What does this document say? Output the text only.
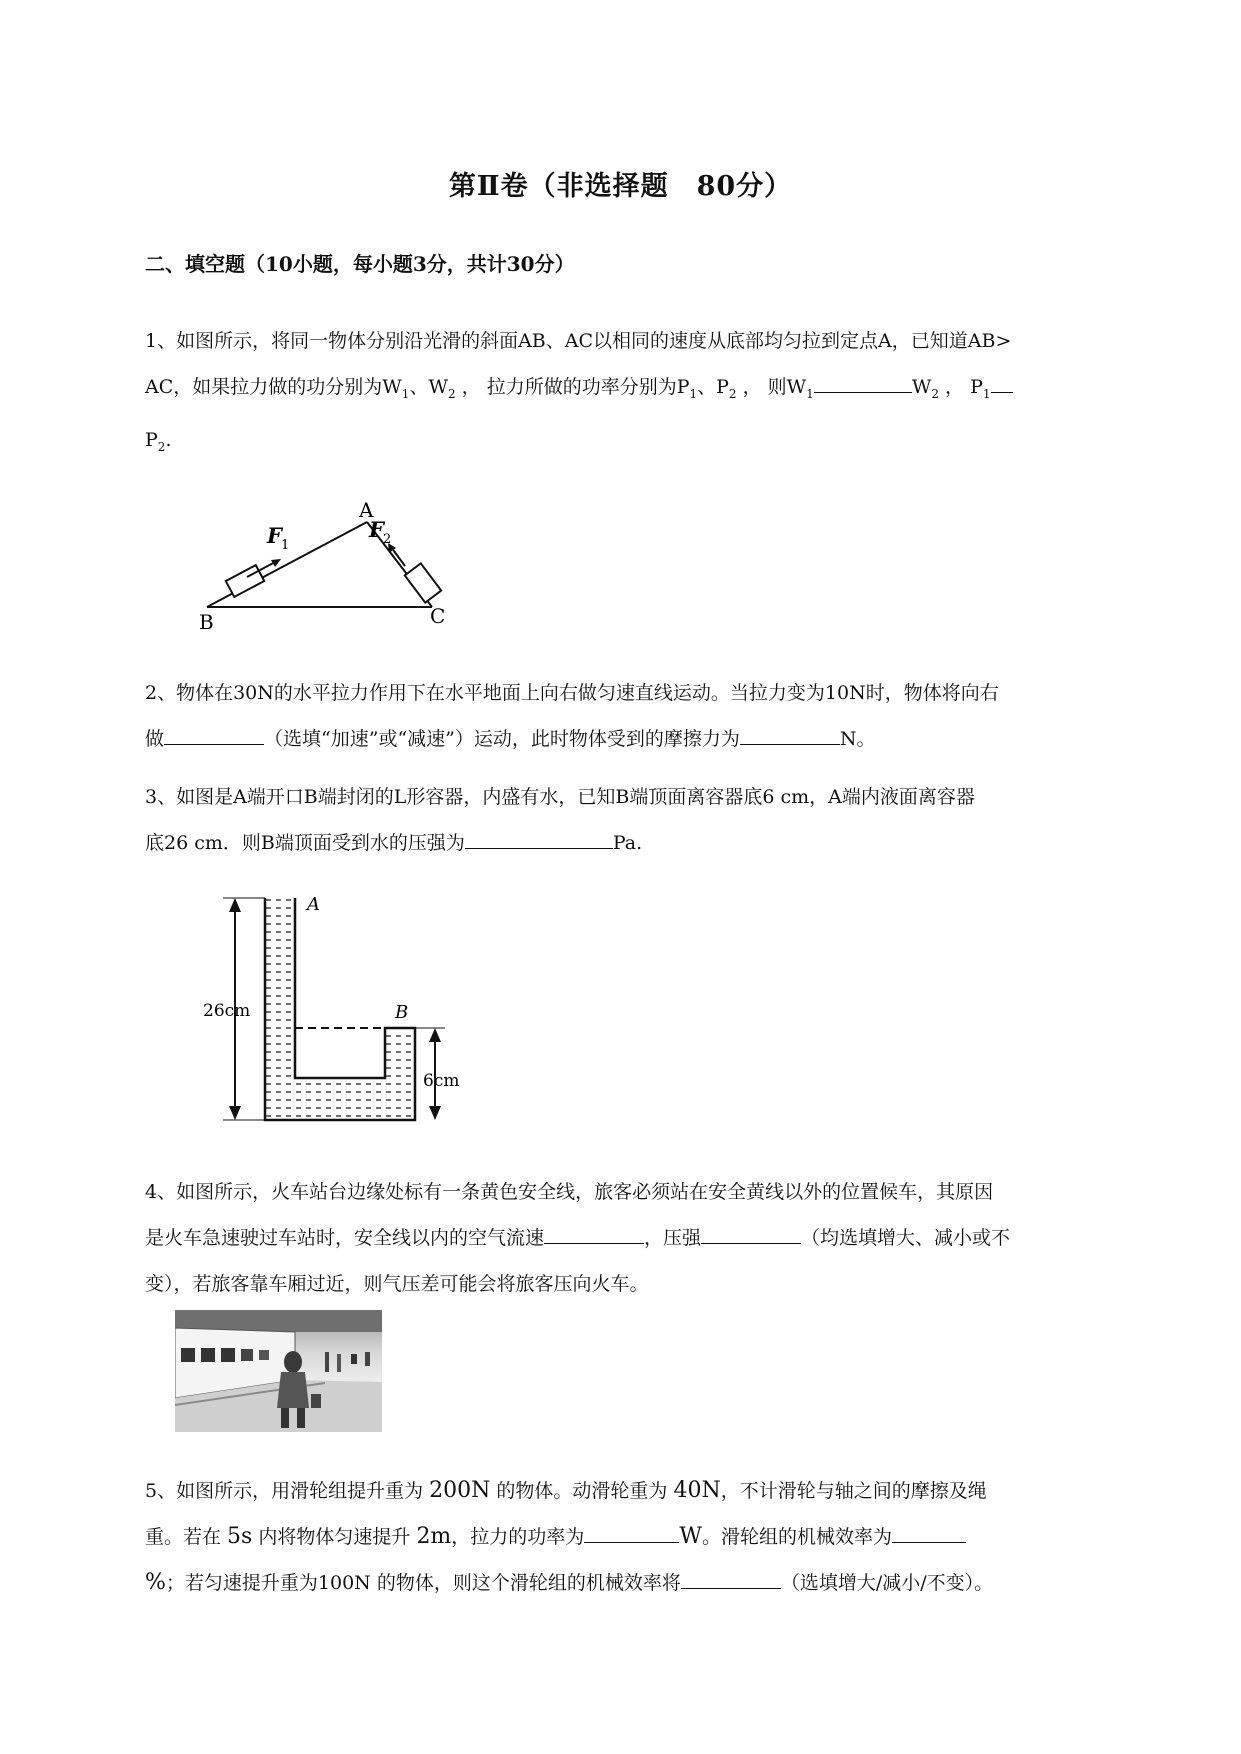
第Ⅱ卷（非选择题　80分）
二、填空题（10小题，每小题3分，共计30分）
1、如图所示，将同一物体分别沿光滑的斜面AB、AC以相同的速度从底部均匀拉到定点A，已知道AB>
AC，如果拉力做的功分别为$W_1$、$W_2$ ， 拉力所做的功率分别为$P_1$、$P_2$ ， 则$W_1$	$W_2$ ， $P_1$
$P_2$.
A
B	C
F 1
F 2
2、物体在30N的水平拉力作用下在水平地面上向右做匀速直线运动。当拉力变为10N时，物体将向右
做	（选填“加速”或“减速”）运动，此时物体受到的摩擦力为	N。
3、如图是A端开口B端封闭的L形容器，内盛有水，已知B端顶面离容器底6 cm，A端内液面离容器
底26 cm．则B端顶面受到水的压强为	Pa.
A
B
26cm
6cm
4、如图所示，火车站台边缘处标有一条黄色安全线，旅客必须站在安全黄线以外的位置候车，其原因
是火车急速驶过车站时，安全线以内的空气流速	，压强	（均选填增大、减小或不
变），若旅客靠车厢过近，则气压差可能会将旅客压向火车。
5、如图所示，用滑轮组提升重为 200N 的物体。动滑轮重为 40N，不计滑轮与轴之间的摩擦及绳
重。若在 5s 内将物体匀速提升 2m，拉力的功率为	W。滑轮组的机械效率为
%；若匀速提升重为100N 的物体，则这个滑轮组的机械效率将	（选填增大/减小/不变）。
